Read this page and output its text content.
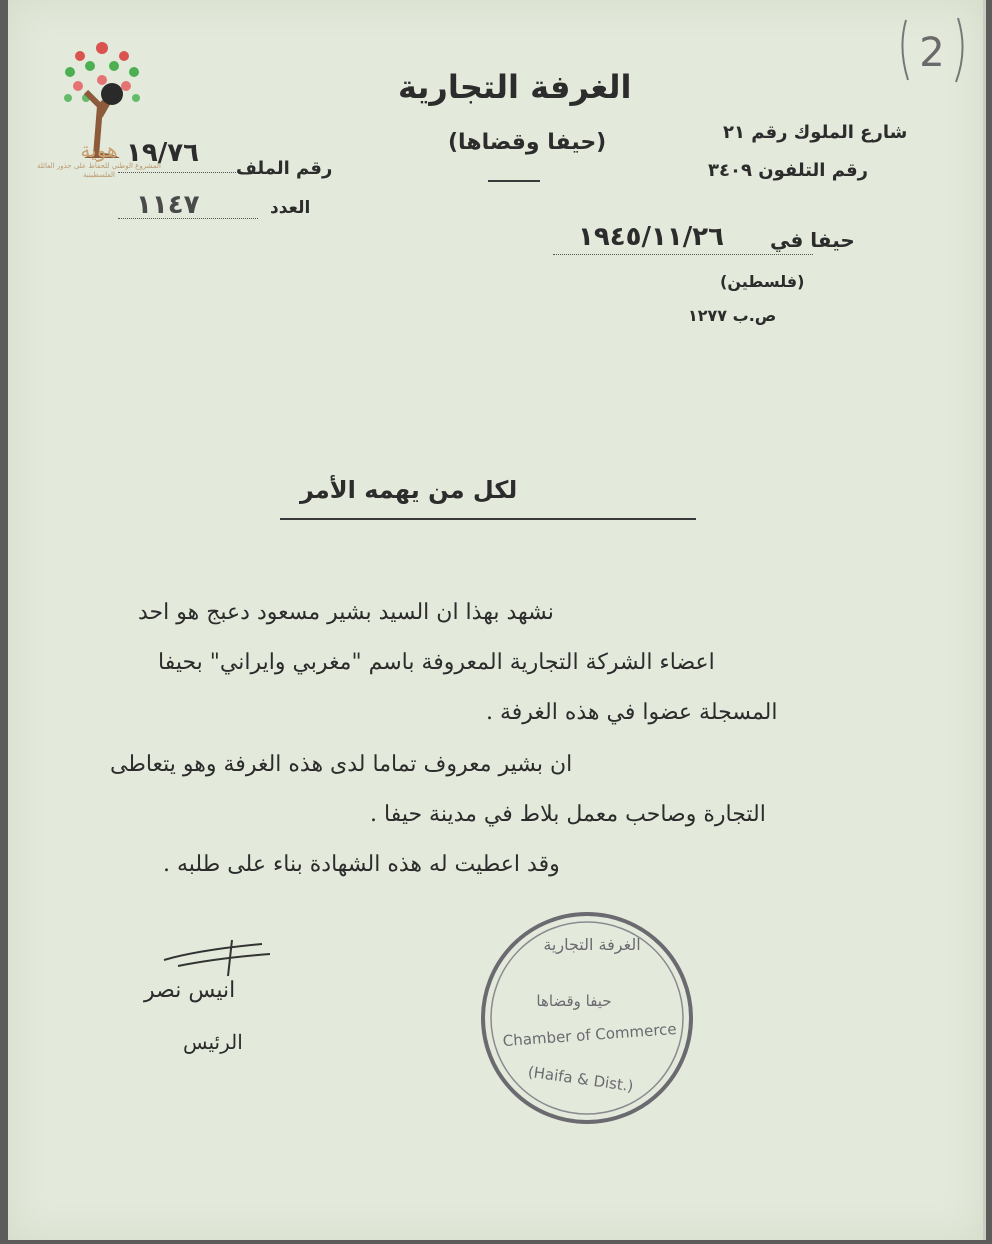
هوية
المشروع الوطني للحفاظ على جذور العائلة الفلسطينية
2
الغرفة التجارية
(حيفا وقضاها)	شارع الملوك رقم ٢١
رقم التلفون ٣٤٠٩
رقم الملف
١٩/٧٦
العدد
١١٤٧
حيفا في
١٩٤٥/١١/٢٦
(فلسطين)
ص.ب ١٢٧٧
لكل من يهمه الأمر
نشهد بهذا ان السيد بشير مسعود دعبج هو احد
اعضاء الشركة التجارية المعروفة باسم "مغربي وايراني" بحيفا
المسجلة عضوا في هذه الغرفة .
ان بشير معروف تماما لدى هذه الغرفة وهو يتعاطى
التجارة وصاحب معمل بلاط في مدينة حيفا .
وقد اعطيت له هذه الشهادة بناء على طلبه .
انيس نصر
الرئيس
الغرفة التجارية
حيفا وقضاها
Chamber of Commerce
(Haifa & Dist.)
